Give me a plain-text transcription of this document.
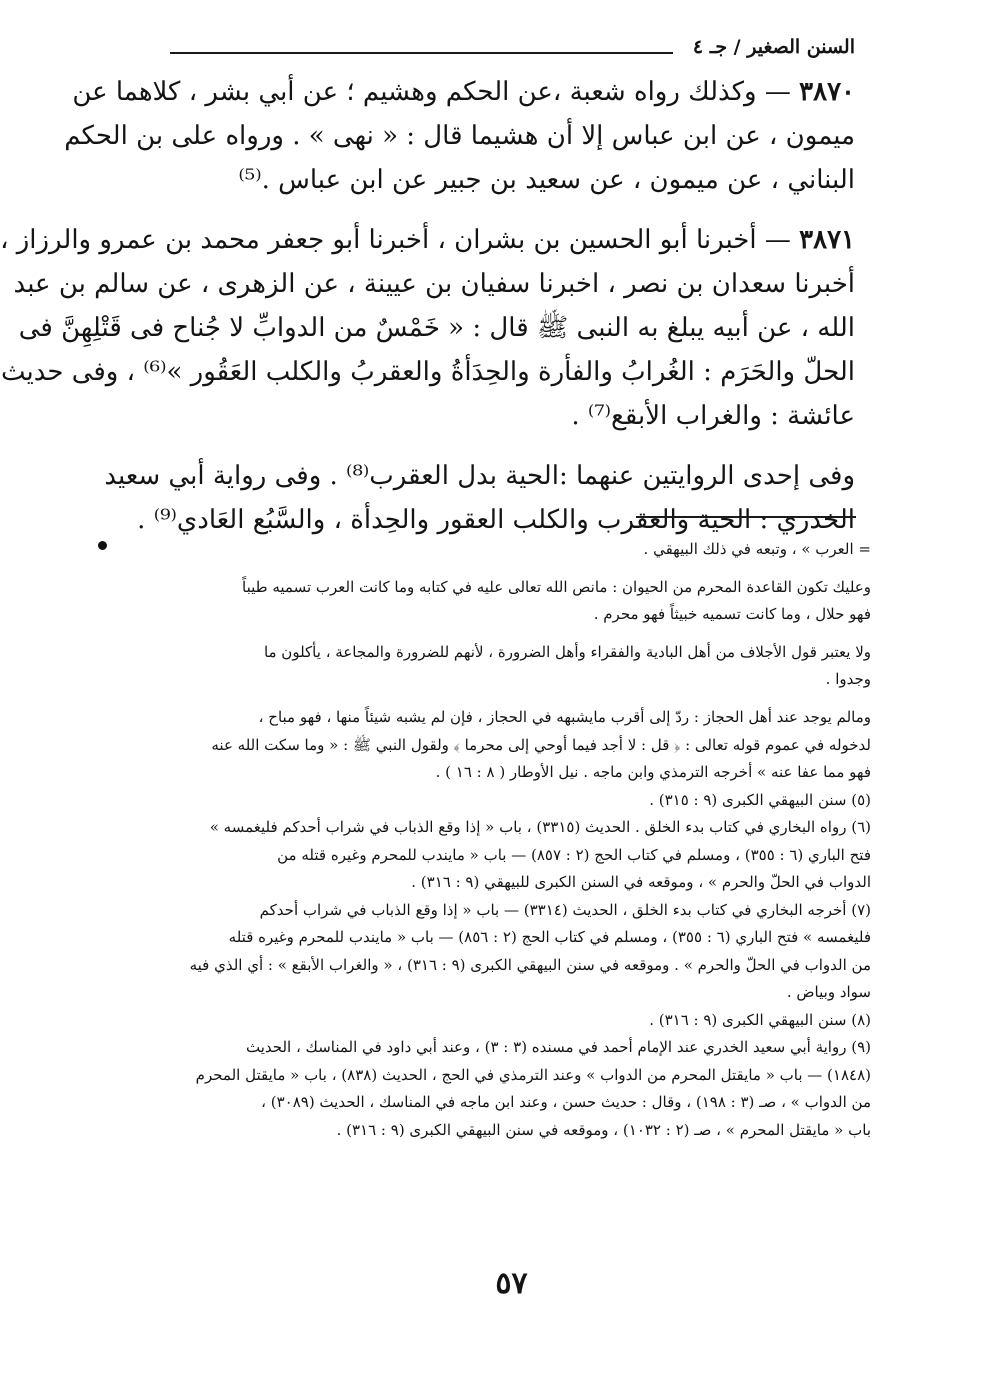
السنن الصغير / جـ ٤

٣٨٧٠ — وكذلك رواه شعبة ،عن الحكم وهشيم ؛ عن أبي بشر ، كلاهما عن
ميمون ، عن ابن عباس إلا أن هشيما قال : « نهى » . ورواه على بن الحكم
البناني ، عن ميمون ، عن سعيد بن جبير عن ابن عباس .⁽⁵⁾

٣٨٧١ — أخبرنا أبو الحسين بن بشران ، أخبرنا أبو جعفر محمد بن عمرو والرزاز ،
أخبرنا سعدان بن نصر ، اخبرنا سفيان بن عيينة ، عن الزهرى ، عن سالم بن عبد
الله ، عن أبيه يبلغ به النبى ﷺ قال : « خَمْسٌ من الدوابِّ لا جُناح فى قَتْلِهِنَّ فى
الحلّ والحَرَم : الغُرابُ والفأرة والحِدَأةُ والعقربُ والكلب العَقُور »⁽⁶⁾ ، وفى حديث
عائشة : والغراب الأبقع⁽⁷⁾ .

وفى إحدى الروايتين عنهما :الحية بدل العقرب⁽⁸⁾ . وفى رواية أبي سعيد
الخدري : الحية والعقرب والكلب العقور والحِدأة ، والسَّبُع العَادي⁽⁹⁾ .

= العرب » ، وتبعه في ذلك البيهقي .

وعليك تكون القاعدة المحرم من الحيوان : مانص الله تعالى عليه في كتابه وما كانت العرب تسميه طيباً
فهو حلال ، وما كانت تسميه خبيثاً فهو محرم .

ولا يعتبر قول الأجلاف من أهل البادية والفقراء وأهل الضرورة ، لأنهم للضرورة والمجاعة ، يأكلون ما
وجدوا .

ومالم يوجد عند أهل الحجاز : ردّ إلى أقرب مايشبهه في الحجاز ، فإن لم يشبه شيئاً منها ، فهو مباح ،
لدخوله في عموم قوله تعالى : ﴿ قل : لا أجد فيما أوحي إلى محرما ﴾ ولقول النبي ﷺ : « وما سكت الله عنه
فهو مما عفا عنه » أخرجه الترمذي وابن ماجه . نيل الأوطار ( ٨ : ١٦ ) .
(٥) سنن البيهقي الكبرى (٩ : ٣١٥) .
(٦) رواه البخاري في كتاب بدء الخلق . الحديث (٣٣١٥) ، باب « إذا وقع الذباب في شراب أحدكم فليغمسه »
فتح الباري (٦ : ٣٥٥) ، ومسلم في كتاب الحج (٢ : ٨٥٧) — باب « مايندب للمحرم وغيره قتله من
الدواب في الحلّ والحرم » ، وموقعه في السنن الكبرى للبيهقي (٩ : ٣١٦) .
(٧) أخرجه البخاري في كتاب بدء الخلق ، الحديث (٣٣١٤) — باب « إذا وقع الذباب في شراب أحدكم
فليغمسه » فتح الباري (٦ : ٣٥٥) ، ومسلم في كتاب الحج (٢ : ٨٥٦) — باب « مايندب للمحرم وغيره قتله
من الدواب في الحلّ والحرم » . وموقعه في سنن البيهقي الكبرى (٩ : ٣١٦) ، « والغراب الأبقع » : أي الذي فيه
سواد وبياض .
(٨) سنن البيهقي الكبرى (٩ : ٣١٦) .
(٩) رواية أبي سعيد الخدري عند الإمام أحمد في مسنده (٣ : ٣) ، وعند أبي داود في المناسك ، الحديث
(١٨٤٨) — باب « مايقتل المحرم من الدواب » وعند الترمذي في الحج ، الحديث (٨٣٨) ، باب « مايقتل المحرم
من الدواب » ، صـ (٣ : ١٩٨) ، وقال : حديث حسن ، وعند ابن ماجه في المناسك ، الحديث (٣٠٨٩) ،
باب « مايقتل المحرم » ، صـ (٢ : ١٠٣٢) ، وموقعه في سنن البيهقي الكبرى (٩ : ٣١٦) .
٥٧
